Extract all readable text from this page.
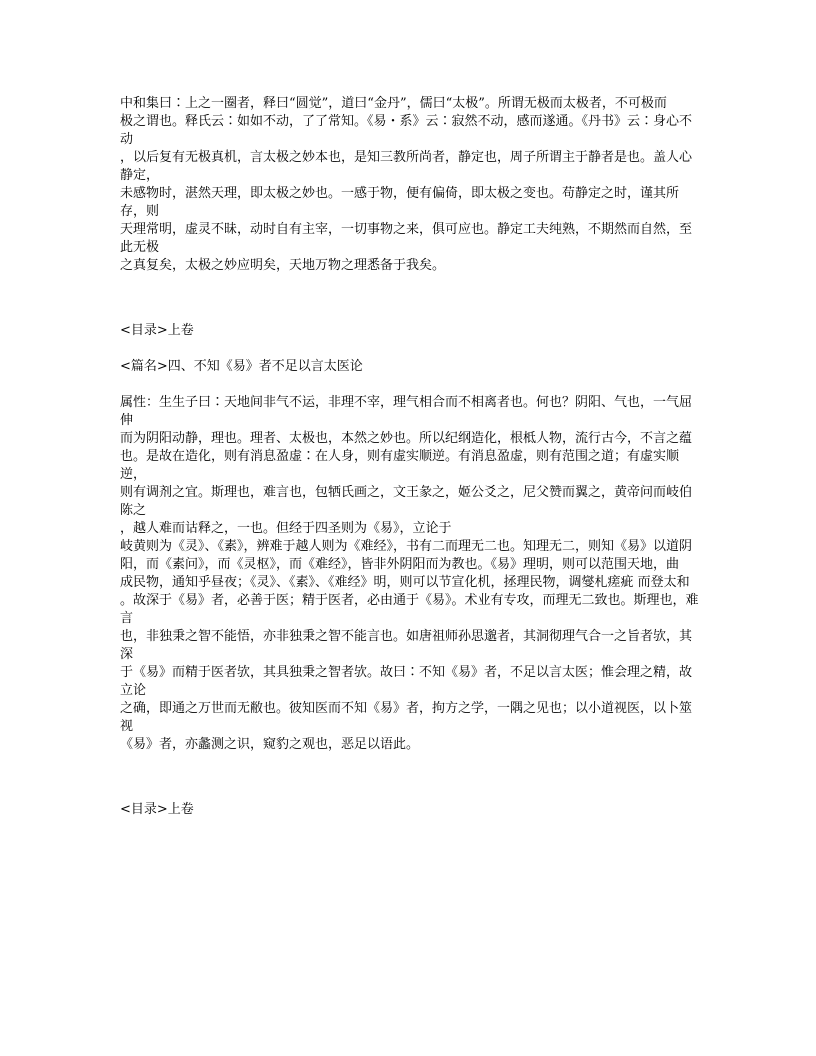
中和集曰∶上之一圈者，释曰“圆觉”，道曰“金丹”，儒曰“太极”。所谓无极而太极者，不可极而
极之谓也。释氏云∶如如不动，了了常知。《易・系》云∶寂然不动，感而遂通。《丹书》云∶身心不动
，以后复有无极真机，言太极之妙本也，是知三教所尚者，静定也，周子所谓主于静者是也。盖人心静定，
未感物时，湛然天理，即太极之妙也。一感于物，便有偏倚，即太极之变也。苟静定之时，谨其所存，则
天理常明，虚灵不昧，动时自有主宰，一切事物之来，俱可应也。静定工夫纯熟，不期然而自然，至此无极
之真复矣，太极之妙应明矣，天地万物之理悉备于我矣。
<目录>上卷
<篇名>四、不知《易》者不足以言太医论
属性：生生子曰∶天地间非气不运，非理不宰，理气相合而不相离者也。何也？阴阳、气也，一气屈伸
而为阴阳动静，理也。理者、太极也，本然之妙也。所以纪纲造化，根柢人物，流行古今，不言之蕴
也。是故在造化，则有消息盈虚∶在人身，则有虚实顺逆。有消息盈虚，则有范围之道；有虚实顺逆，
则有调剂之宜。斯理也，难言也，包牺氏画之，文王彖之，姬公爻之，尼父赞而翼之，黄帝问而岐伯陈之
，越人难而诂释之，一也。但经于四圣则为《易》，立论于
岐黄则为《灵》、《素》，辨难于越人则为《难经》，书有二而理无二也。知理无二，则知《易》以道阴
阳，而《素问》，而《灵枢》，而《难经》，皆非外阴阳而为教也。《易》理明，则可以范围天地，曲
成民物，通知乎昼夜；《灵》、《素》、《难经》明，则可以节宣化机，拯理民物，调燮札瘥疵 而登太和
。故深于《易》者，必善于医；精于医者，必由通于《易》。术业有专攻，而理无二致也。斯理也，难言
也，非独秉之智不能悟，亦非独秉之智不能言也。如唐祖师孙思邈者，其洞彻理气合一之旨者欤，其深
于《易》而精于医者欤，其具独秉之智者欤。故曰∶不知《易》者，不足以言太医；惟会理之精，故立论
之确，即通之万世而无敝也。彼知医而不知《易》者，拘方之学，一隅之见也；以小道视医，以卜筮视
《易》者，亦蠡测之识，窥豹之观也，恶足以语此。
<目录>上卷
